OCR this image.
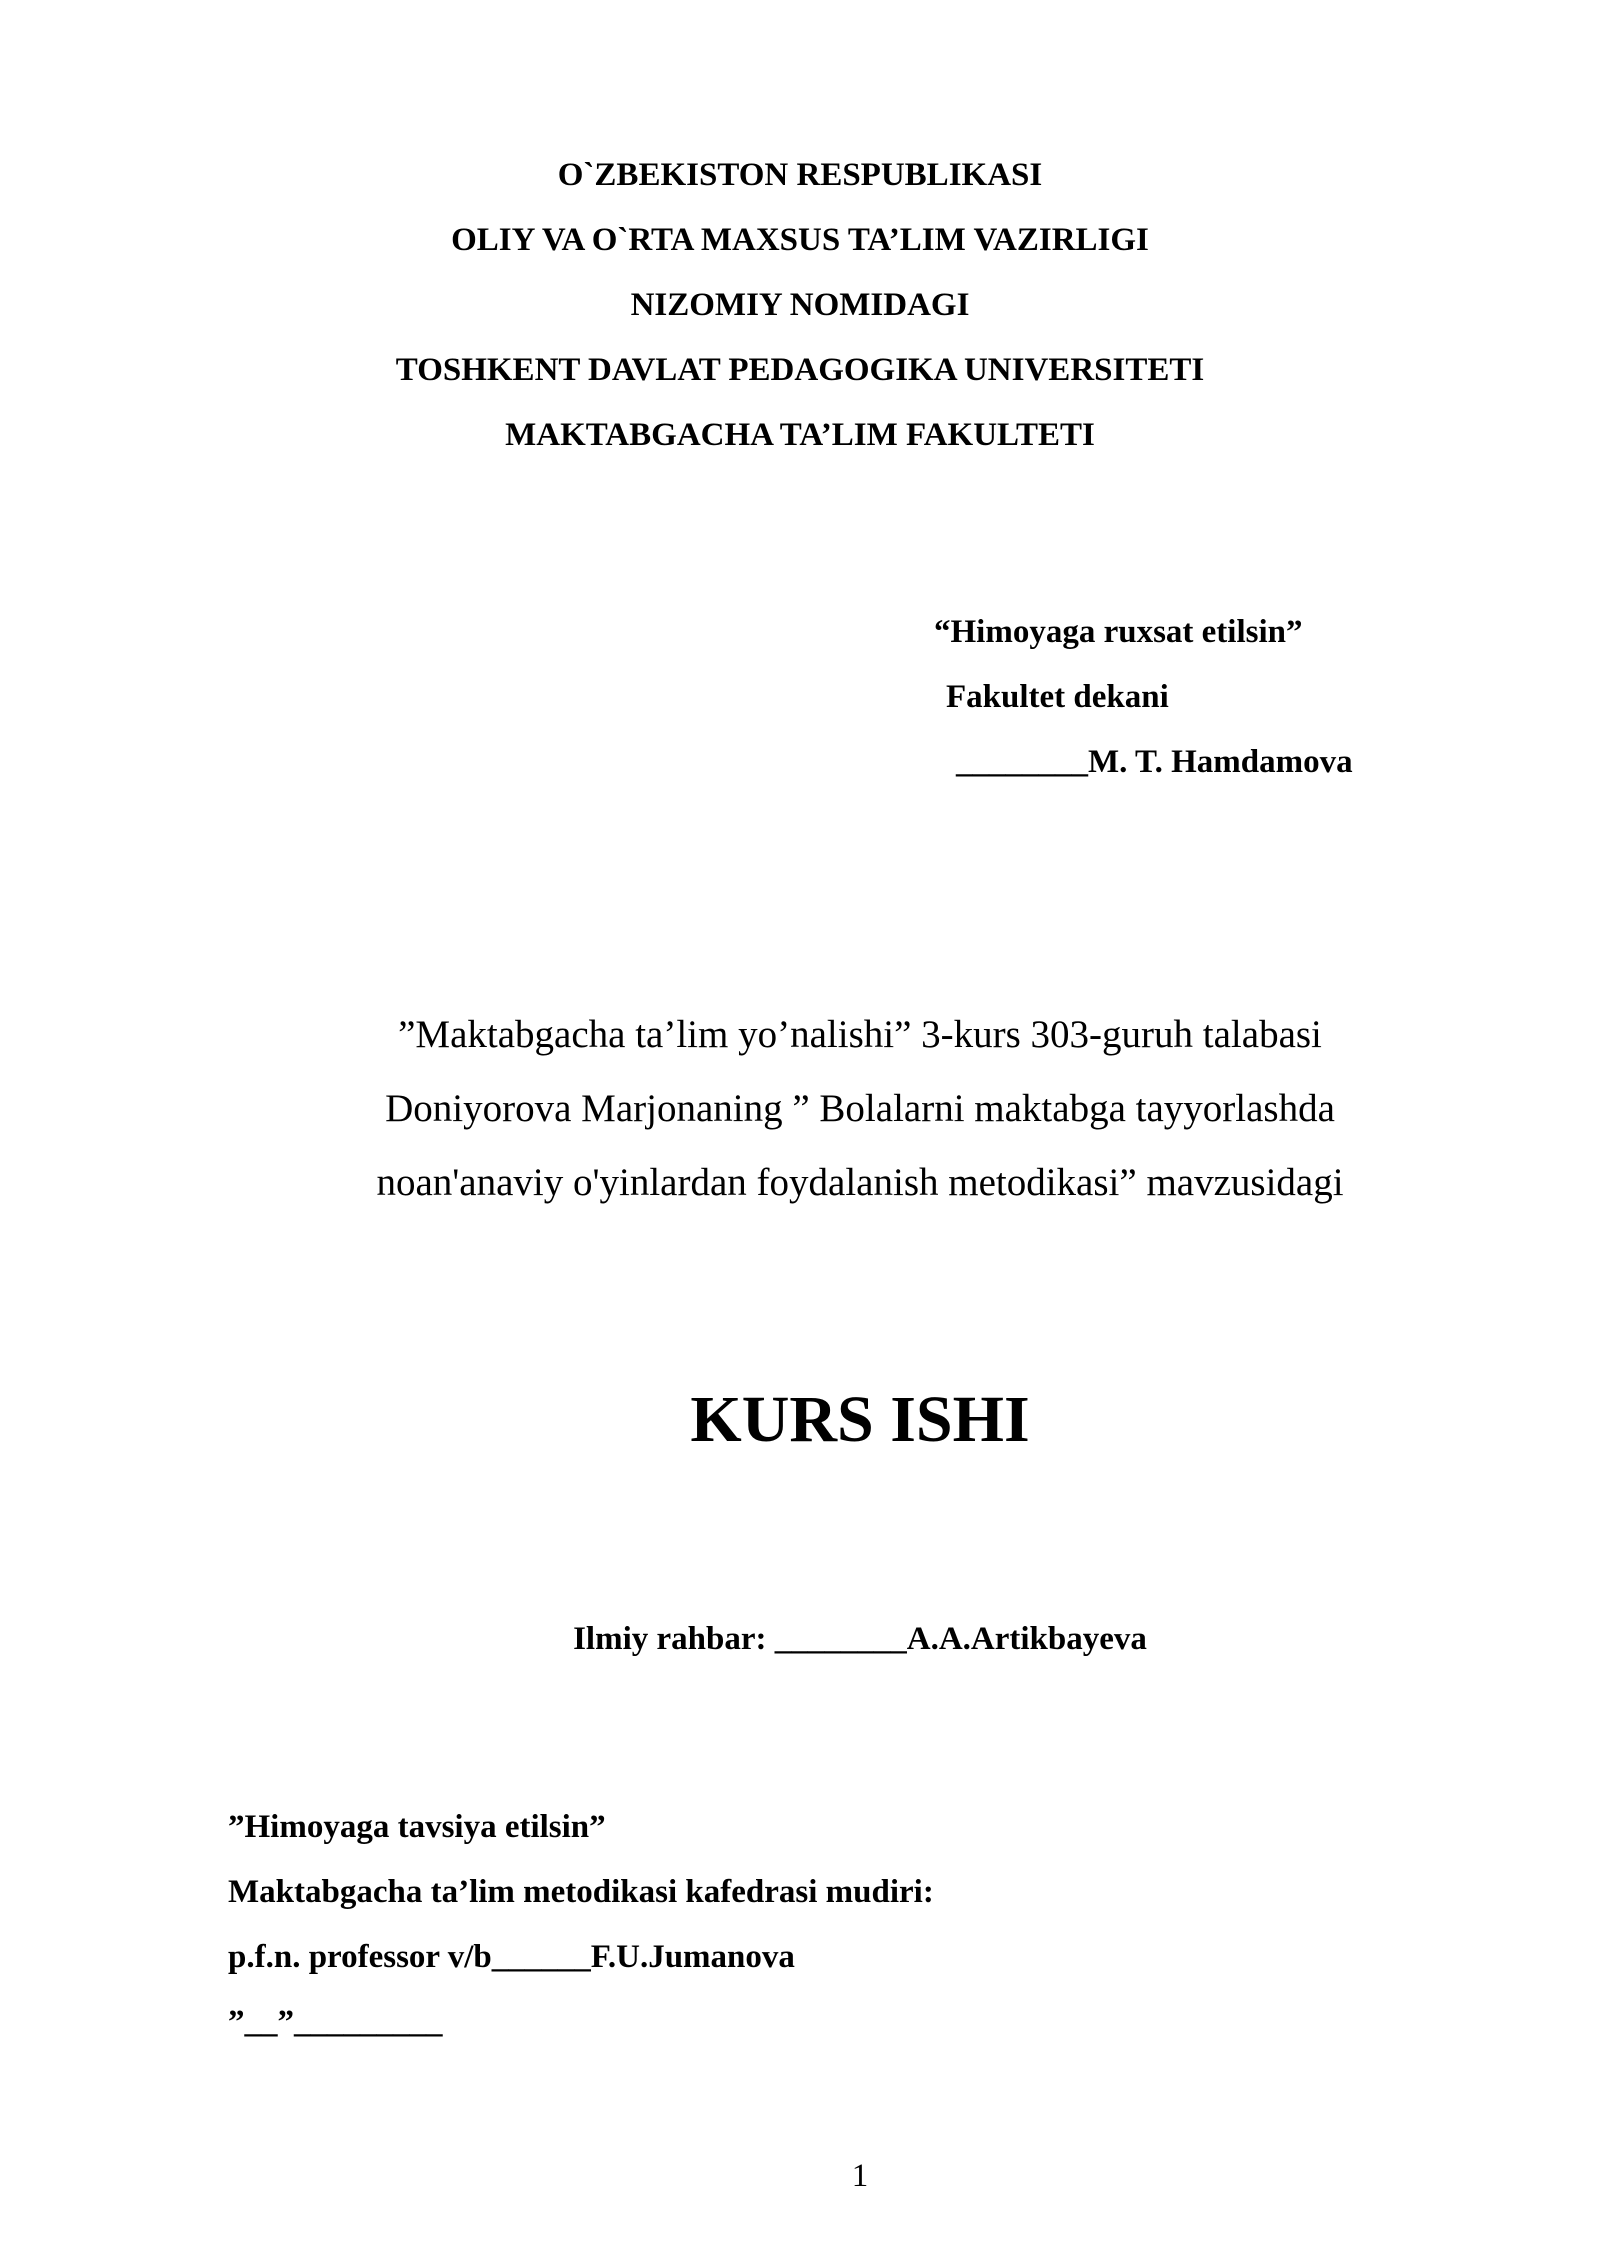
O`ZBEKISTON RESPUBLIKASI
OLIY VA O`RTA MAXSUS TA’LIM VAZIRLIGI
NIZOMIY NOMIDAGI
TOSHKENT DAVLAT PEDAGOGIKA UNIVERSITETI
MAKTABGACHA TA’LIM FAKULTETI
“Himoyaga ruxsat etilsin”
Fakultet dekani
________M. T. Hamdamova
”Maktabgacha ta’lim yo’nalishi” 3-kurs 303-guruh talabasi
Doniyorova Marjonaning ” Bolalarni maktabga tayyorlashda
noan'anaviy o'yinlardan foydalanish metodikasi” mavzusidagi
KURS ISHI
Ilmiy rahbar: ________A.A.Artikbayeva
”Himoyaga tavsiya etilsin”
Maktabgacha ta’lim metodikasi kafedrasi mudiri:
p.f.n. professor v/b______F.U.Jumanova
”__”_________
1
